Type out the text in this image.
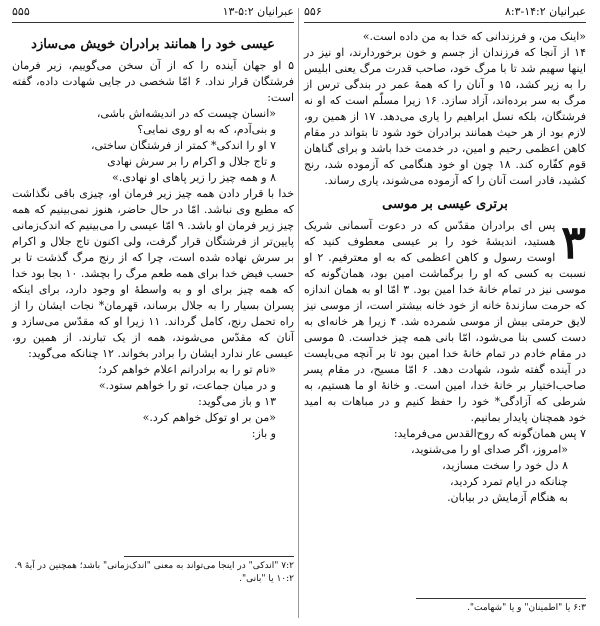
عبرانیان ۱۴:۲-۸:۳
۵۵۶

«اینک من، و فرزندانی که خدا به من داده است.»

۱۴ از آنجا که فرزندان از جسم و خون برخوردارند، او نیز در اینها سهیم شد تا با مرگ خود، صاحب قدرت مرگ یعنی ابلیس را به زیر کشد، ۱۵ و آنان را که همهٔ عمر در بندگی ترس از مرگ به سر برده‌اند، آزاد سازد. ۱۶ زیرا مسلّم است که او نه فرشتگان، بلکه نسل ابراهیم را یاری می‌دهد. ۱۷ از همین رو، لازم بود از هر حیث همانند برادران خود شود تا بتواند در مقام کاهن اعظمی رحیم و امین، در خدمت خدا باشد و برای گناهان قوم کفّاره کند. ۱۸ چون او خود هنگامی که آزموده شد، رنج کشید، قادر است آنان را که آزموده می‌شوند، یاری رساند.

برتری عیسی بر موسی
۳

پس ای برادران مقدّس که در دعوت آسمانی شریک هستید، اندیشهٔ خود را بر عیسی معطوف کنید که اوست رسول و کاهن اعظمی که به او معترفیم. ۲ او نسبت به کسی که او را برگماشت امین بود، همان‌گونه که موسی نیز در تمام خانهٔ خدا امین بود. ۳ امّا او به همان اندازه که حرمت سازندهٔ خانه از خود خانه بیشتر است، از موسی نیز لایق حرمتی بیش از موسی شمرده شد. ۴ زیرا هر خانه‌ای به دست کسی بنا می‌شود، امّا بانی همه چیز خداست. ۵ موسی در مقام خادم در تمام خانهٔ خدا امین بود تا بر آنچه می‌بایست در آینده گفته شود، شهادت دهد. ۶ امّا مسیح، در مقام پسر صاحب‌اختیار بر خانهٔ خدا، امین است. و خانهٔ او ما هستیم، به شرطی که آزادگی* خود را حفظ کنیم و در مباهات به امید خود همچنان پایدار بمانیم.

۷ پس همان‌گونه که روح‌القدس می‌فرماید:

«امروز، اگر صدای او را می‌شنوید،

۸ دل خود را سخت مسازید،

چنانکه در ایام تمرد کردید،

به هنگام آزمایش در بیابان.

۶:۳ یا "اطمینان" و یا "شهامت".

عبرانیان ۵:۲-۱۳
۵۵۵
عیسی خود را همانند برادران خویش می‌سازد

۵ او جهان آینده را که از آن سخن می‌گوییم، زیر فرمان فرشتگان قرار نداد. ۶ امّا شخصی در جایی شهادت داده، گفته است:

«انسان چیست که در اندیشه‌اش باشی،

و بنی‌آدم، که به او روی نمایی؟

۷ او را اندکی* کمتر از فرشتگان ساختی،

و تاج جلال و اکرام را بر سرش نهادی

۸ و همه چیز را زیر پاهای او نهادی.»

خدا با قرار دادن همه چیز زیر فرمان او، چیزی باقی نگذاشت که مطیع وی نباشد. امّا در حال حاضر، هنوز نمی‌بینیم که همه چیز زیر فرمان او باشد. ۹ امّا عیسی را می‌بینیم که اندک‌زمانی پایین‌تر از فرشتگان قرار گرفت، ولی اکنون تاج جلال و اکرام بر سرش نهاده شده است، چرا که از رنج مرگ گذشت تا بر حسب فیض خدا برای همه طعم مرگ را بچشد. ۱۰ بجا بود خدا که همه چیز برای او و به واسطهٔ او وجود دارد، برای اینکه پسران بسیار را به جلال برساند، قهرمان* نجات ایشان را از راه تحمل رنج، کامل گرداند. ۱۱ زیرا او که مقدّس می‌سازد و آنان که مقدّس می‌شوند، همه از یک تبارند. از همین رو، عیسی عار ندارد ایشان را برادر بخواند. ۱۲ چنانکه می‌گوید:

«نام تو را به برادرانم اعلام خواهم کرد؛

و در میان جماعت، تو را خواهم ستود.»

۱۳ و باز می‌گوید:

«من بر او توکل خواهم کرد.»

و باز:

۷:۲ "اندکی" در اینجا می‌تواند به معنی "اندک‌زمانی" باشد؛ همچنین در آیهٔ ۹.

۱۰:۲ یا "بانی".
